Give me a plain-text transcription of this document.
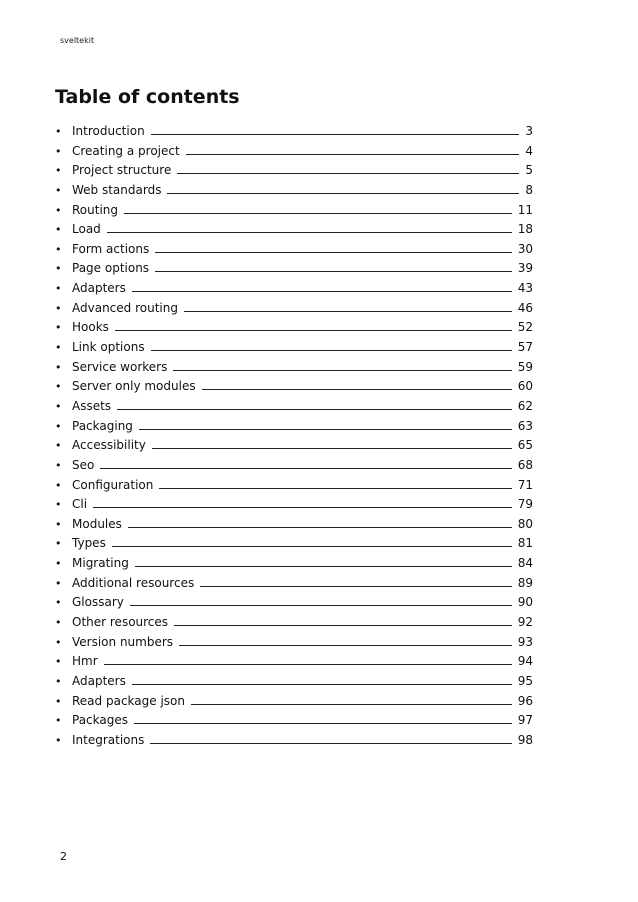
sveltekit
Table of contents
• Introduction	3
• Creating a project	4
• Project structure	5
• Web standards	8
• Routing	11
• Load	18
• Form actions	30
• Page options	39
• Adapters	43
• Advanced routing	46
• Hooks	52
• Link options	57
• Service workers	59
• Server only modules	60
• Assets	62
• Packaging	63
• Accessibility	65
• Seo	68
• Configuration	71
• Cli	79
• Modules	80
• Types	81
• Migrating	84
• Additional resources	89
• Glossary	90
• Other resources	92
• Version numbers	93
• Hmr	94
• Adapters	95
• Read package json	96
• Packages	97
• Integrations	98
2
